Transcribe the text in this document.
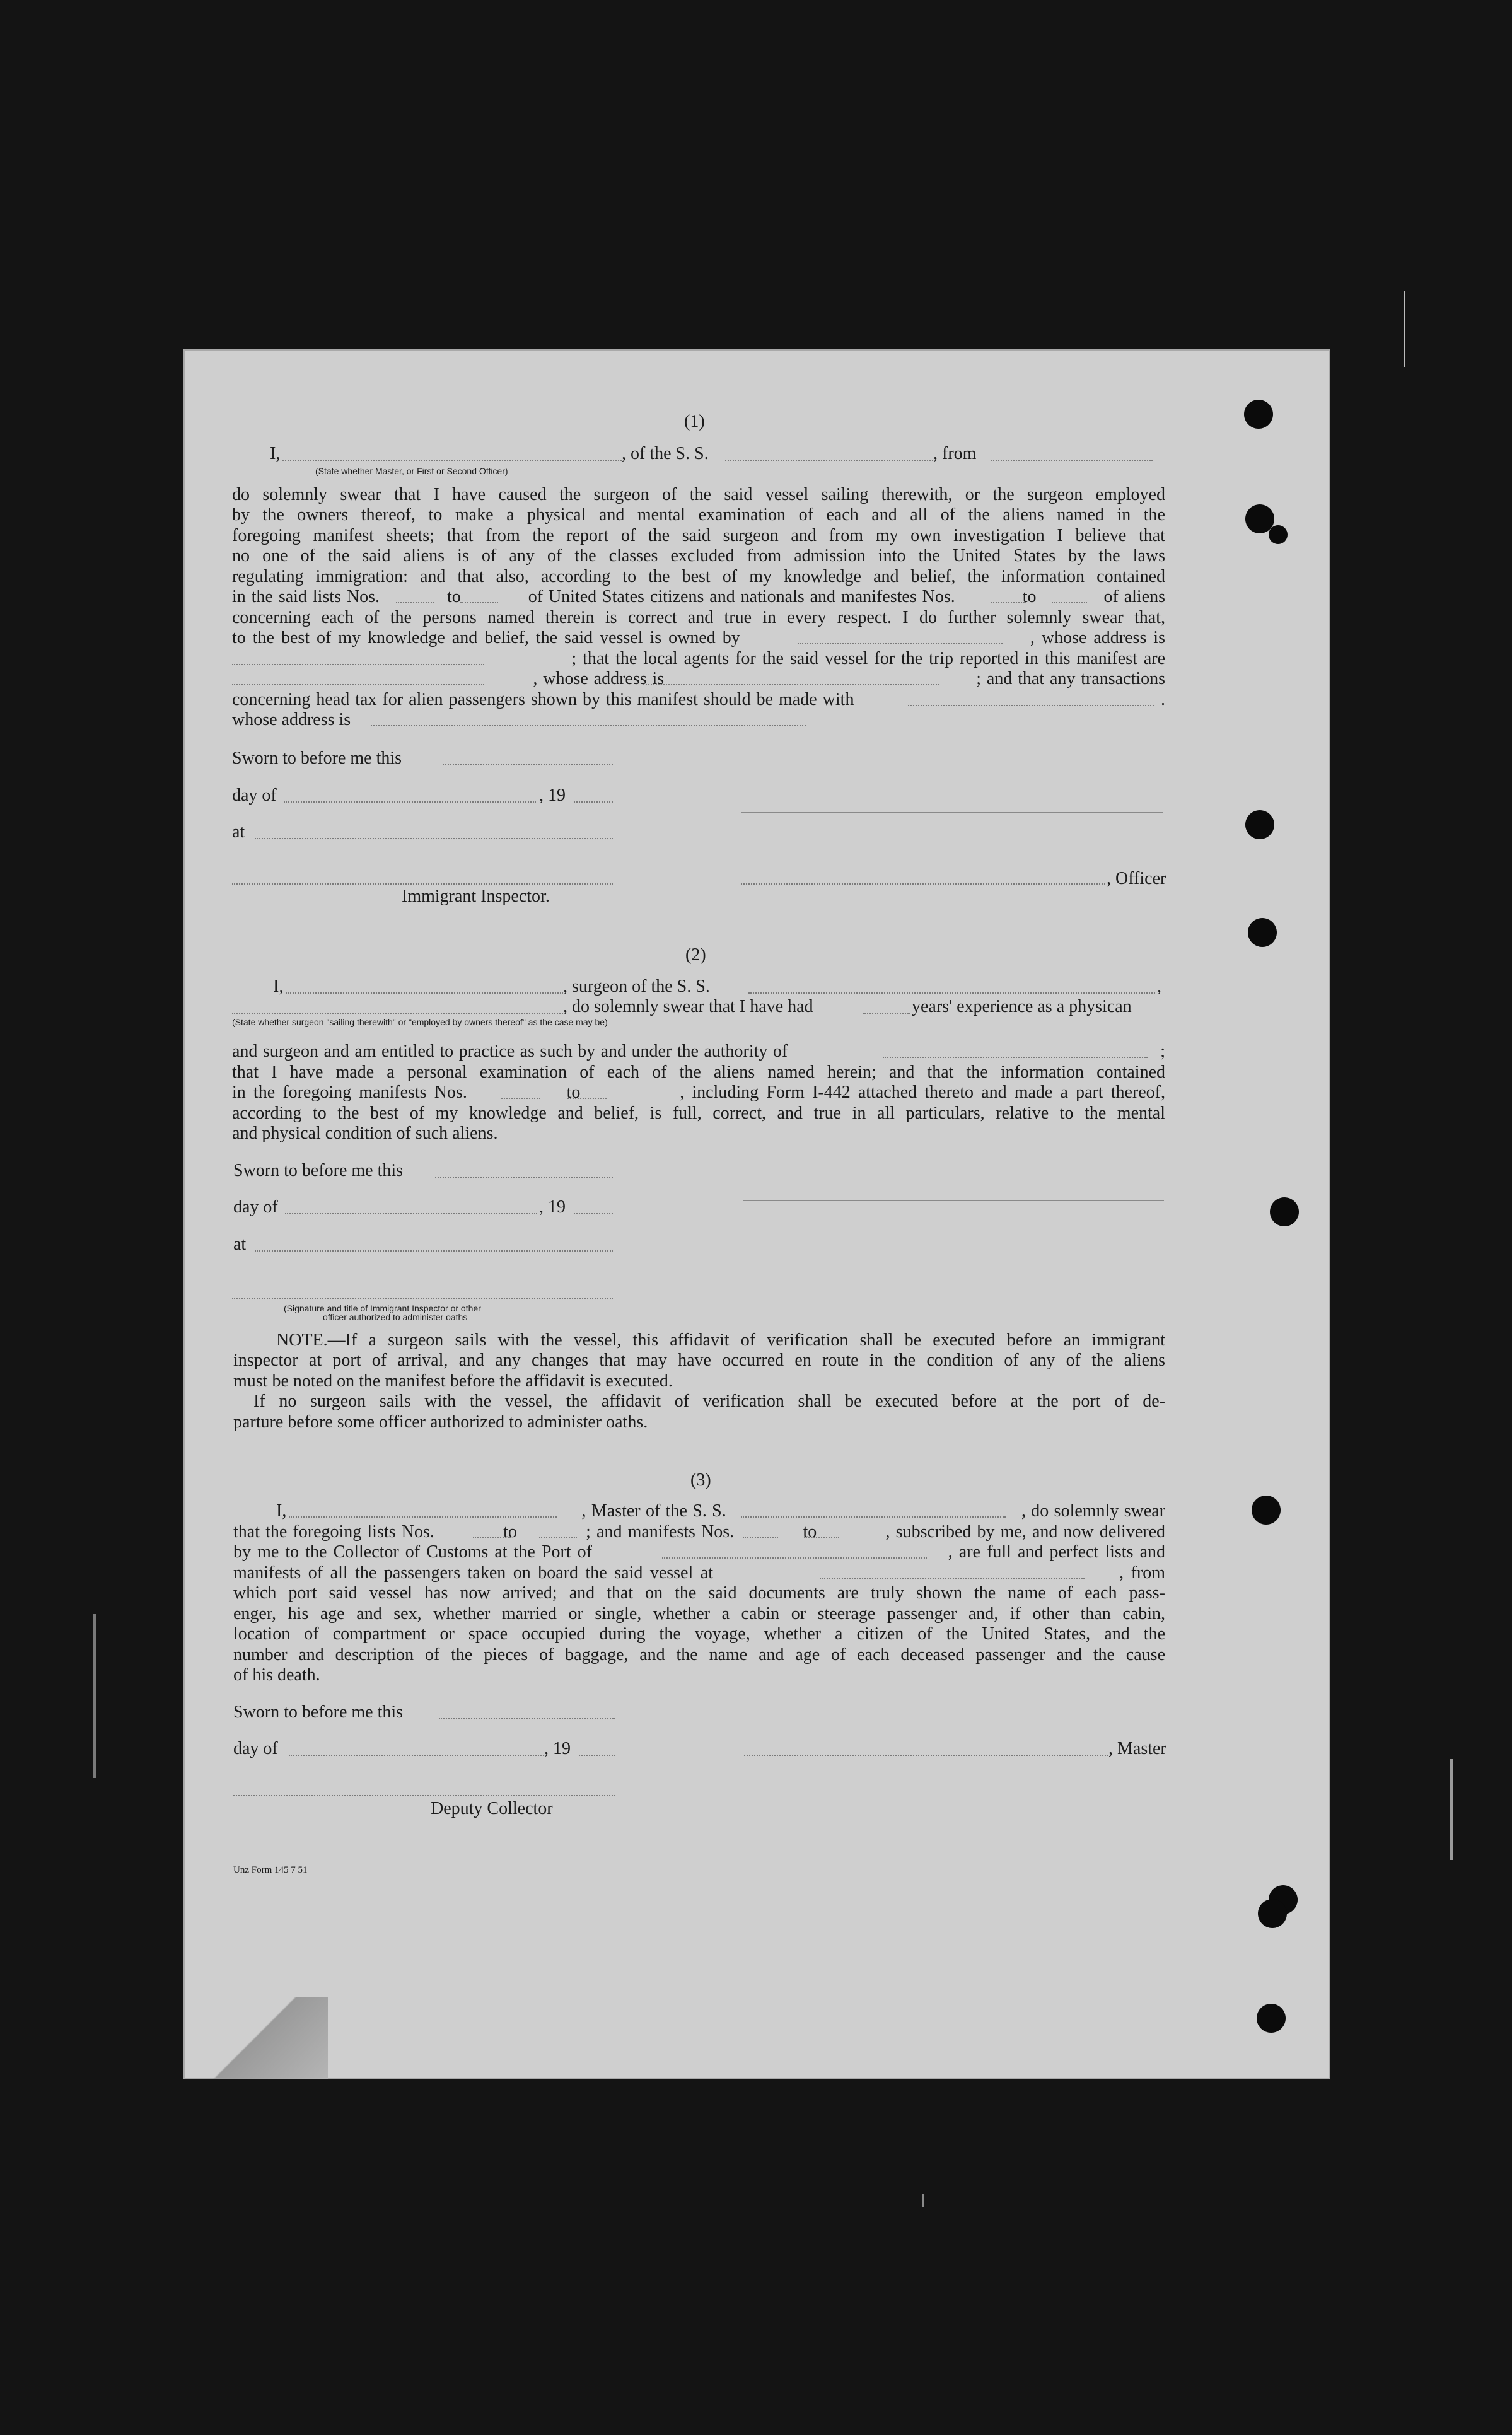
(1)
I,	, of the S. S.	, from
(State whether Master, or First or Second Officer)
do solemnly swear that I have caused the surgeon of the said vessel sailing therewith, or the surgeon employed
by the owners thereof, to make a physical and mental examination of each and all of the aliens named in the
foregoing manifest sheets; that from the report of the said surgeon and from my own investigation I believe that
no one of the said aliens is of any of the classes excluded from admission into the United States by the laws
regulating immigration: and that also, according to the best of my knowledge and belief, the information contained
in the said lists Nos.            to            of United States citizens and nationals and manifestes Nos.            to            of aliens
concerning each of the persons named therein is correct and true in every respect. I do further solemnly swear that,
to the best of my knowledge and belief, the said vessel is owned by                                          , whose address is
; that the local agents for the said vessel for the trip reported in this manifest are
, whose address is                                                        ; and that any transactions
concerning head tax for alien passengers shown by this manifest should be made with                                                      .
whose address is
Sworn to before me this
day of	, 19
at
, Officer
Immigrant Inspector.
(2)
I,	, surgeon of the S. S.	,
, do solemnly swear that I have had	years' experience as a physican
(State whether surgeon "sailing therewith" or "employed by owners thereof" as the case may be)
and surgeon and am entitled to practice as such by and under the authority of                                                                      ;
that I have made a personal examination of each of the aliens named herein; and that the information contained
in the foregoing manifests Nos.             to             , including Form I-442 attached thereto and made a part thereof,
according to the best of my knowledge and belief, is full, correct, and true in all particulars, relative to the mental
and physical condition of such aliens.
Sworn to before me this
day of	, 19
at
(Signature and title of Immigrant Inspector or other
officer authorized to administer oaths
NOTE.—If a surgeon sails with the vessel, this affidavit of verification shall be executed before an immigrant
inspector at port of arrival, and any changes that may have occurred en route in the condition of any of the aliens
must be noted on the manifest before the affidavit is executed.
If no surgeon sails with the vessel, the affidavit of verification shall be executed before at the port of de-
parture before some officer authorized to administer oaths.
(3)
I,                                                        , Master of the S. S.                                                        , do solemnly swear
that the foregoing lists Nos.            to            ; and manifests Nos.            to            , subscribed by me, and now delivered
by me to the Collector of Customs at the Port of                                                        , are full and perfect lists and
manifests of all the passengers taken on board the said vessel at                                                        , from
which port said vessel has now arrived; and that on the said documents are truly shown the name of each pass-
enger, his age and sex, whether married or single, whether a cabin or steerage passenger and, if other than cabin,
location of compartment or space occupied during the voyage, whether a citizen of the United States, and the
number and description of the pieces of baggage, and the name and age of each deceased passenger and the cause
of his death.
Sworn to before me this
day of	, 19	, Master
Deputy Collector
Unz Form 145 7 51
